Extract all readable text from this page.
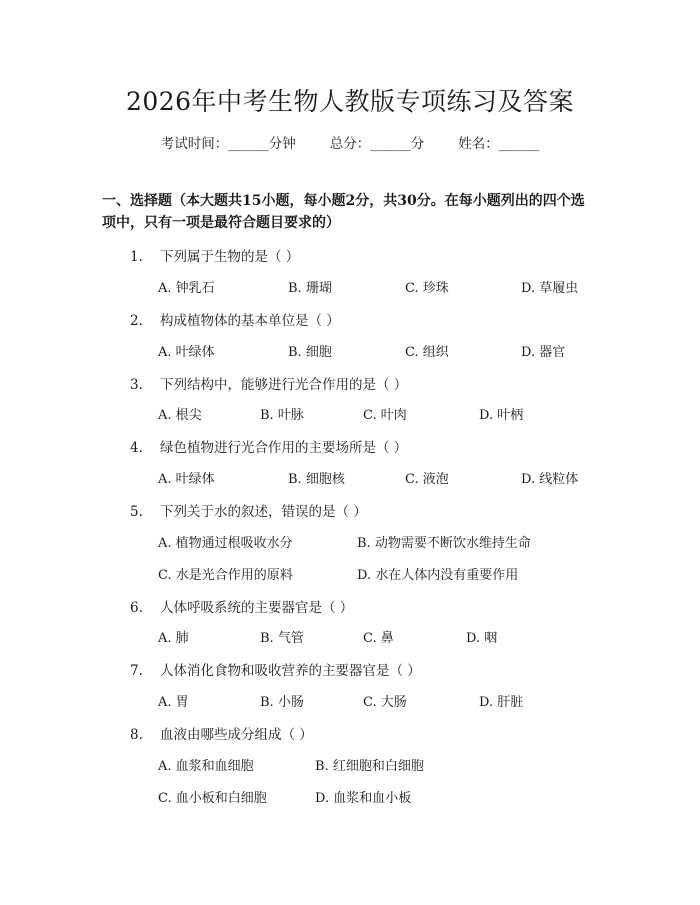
2026年中考生物人教版专项练习及答案
考试时间：______分钟	总分：______分	姓名：______
一、选择题（本大题共15小题，每小题2分，共30分。在每小题列出的四个选
项中，只有一项是最符合题目要求的）
1. 下列属于生物的是（ ）
A. 钟乳石	B. 珊瑚	C. 珍珠	D. 草履虫
2. 构成植物体的基本单位是（ ）
A. 叶绿体	B. 细胞	C. 组织	D. 器官
3. 下列结构中，能够进行光合作用的是（ ）
A. 根尖	B. 叶脉	C. 叶肉	D. 叶柄
4. 绿色植物进行光合作用的主要场所是（ ）
A. 叶绿体	B. 细胞核	C. 液泡	D. 线粒体
5. 下列关于水的叙述，错误的是（ ）
A. 植物通过根吸收水分	B. 动物需要不断饮水维持生命
C. 水是光合作用的原料	D. 水在人体内没有重要作用
6. 人体呼吸系统的主要器官是（ ）
A. 肺	B. 气管	C. 鼻	D. 咽
7. 人体消化食物和吸收营养的主要器官是（ ）
A. 胃	B. 小肠	C. 大肠	D. 肝脏
8. 血液由哪些成分组成（ ）
A. 血浆和血细胞	B. 红细胞和白细胞
C. 血小板和白细胞	D. 血浆和血小板
